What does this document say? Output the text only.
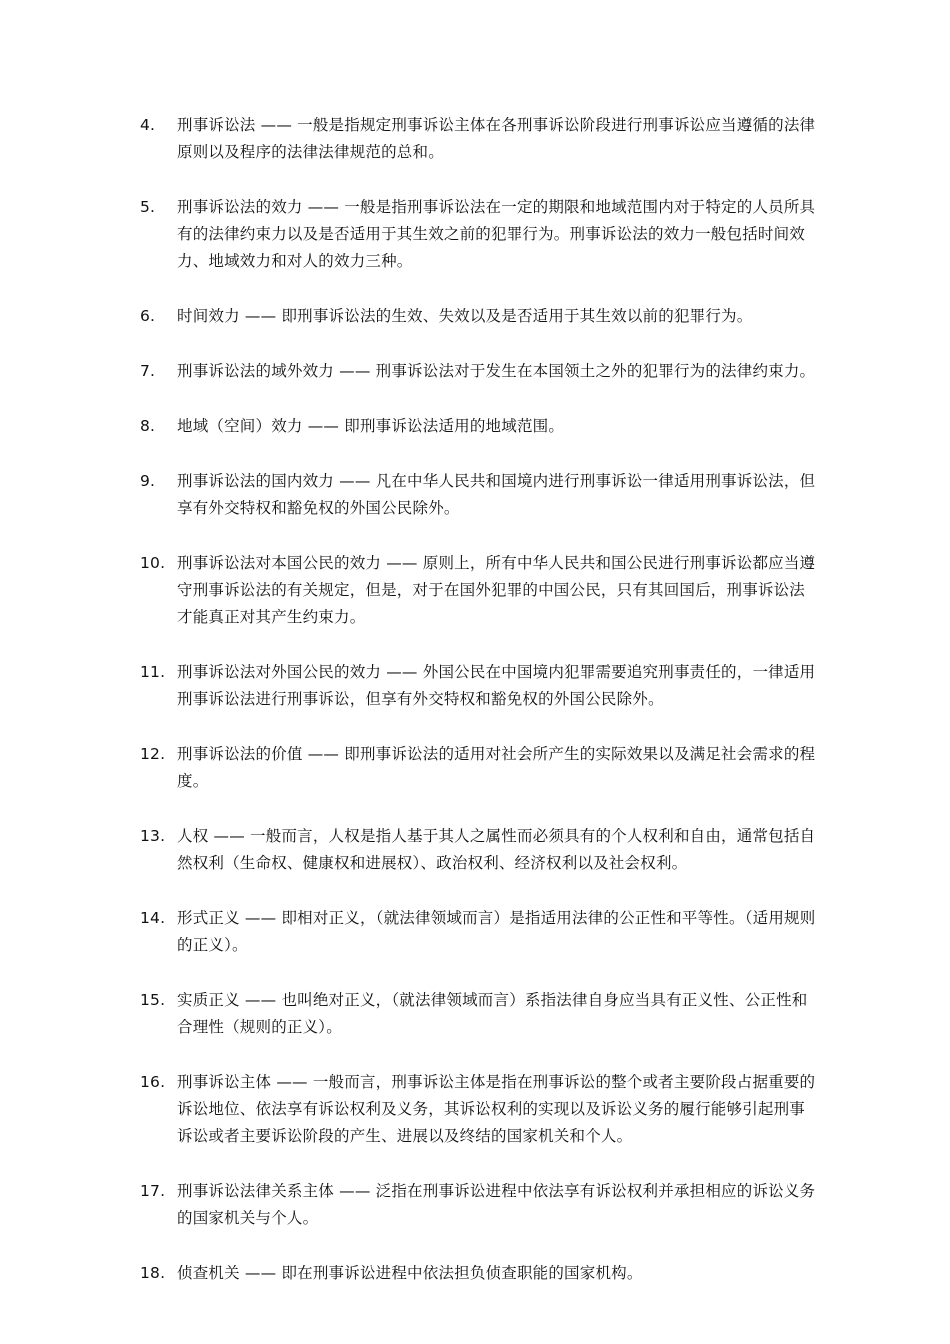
4.	刑事诉讼法 —— 一般是指规定刑事诉讼主体在各刑事诉讼阶段进行刑事诉讼应当遵循的法律原则以及程序的法律法律规范的总和。
5.	刑事诉讼法的效力 —— 一般是指刑事诉讼法在一定的期限和地域范围内对于特定的人员所具有的法律约束力以及是否适用于其生效之前的犯罪行为。刑事诉讼法的效力一般包括时间效力、地域效力和对人的效力三种。
6.	时间效力 —— 即刑事诉讼法的生效、失效以及是否适用于其生效以前的犯罪行为。
7.	刑事诉讼法的域外效力 —— 刑事诉讼法对于发生在本国领土之外的犯罪行为的法律约束力。
8.	地域（空间）效力 —— 即刑事诉讼法适用的地域范围。
9.	刑事诉讼法的国内效力 —— 凡在中华人民共和国境内进行刑事诉讼一律适用刑事诉讼法，但享有外交特权和豁免权的外国公民除外。
10. 刑事诉讼法对本国公民的效力 —— 原则上，所有中华人民共和国公民进行刑事诉讼都应当遵守刑事诉讼法的有关规定，但是，对于在国外犯罪的中国公民，只有其回国后，刑事诉讼法才能真正对其产生约束力。
11. 刑事诉讼法对外国公民的效力 —— 外国公民在中国境内犯罪需要追究刑事责任的，一律适用刑事诉讼法进行刑事诉讼，但享有外交特权和豁免权的外国公民除外。
12. 刑事诉讼法的价值 —— 即刑事诉讼法的适用对社会所产生的实际效果以及满足社会需求的程度。
13. 人权 —— 一般而言，人权是指人基于其人之属性而必须具有的个人权利和自由，通常包括自然权利（生命权、健康权和进展权）、政治权利、经济权利以及社会权利。
14. 形式正义 —— 即相对正义，（就法律领域而言）是指适用法律的公正性和平等性。（适用规则的正义）。
15. 实质正义 —— 也叫绝对正义，（就法律领域而言）系指法律自身应当具有正义性、公正性和合理性（规则的正义）。
16. 刑事诉讼主体 —— 一般而言，刑事诉讼主体是指在刑事诉讼的整个或者主要阶段占据重要的诉讼地位、依法享有诉讼权利及义务，其诉讼权利的实现以及诉讼义务的履行能够引起刑事诉讼或者主要诉讼阶段的产生、进展以及终结的国家机关和个人。
17. 刑事诉讼法律关系主体 —— 泛指在刑事诉讼进程中依法享有诉讼权利并承担相应的诉讼义务的国家机关与个人。
18. 侦查机关 —— 即在刑事诉讼进程中依法担负侦查职能的国家机构。
